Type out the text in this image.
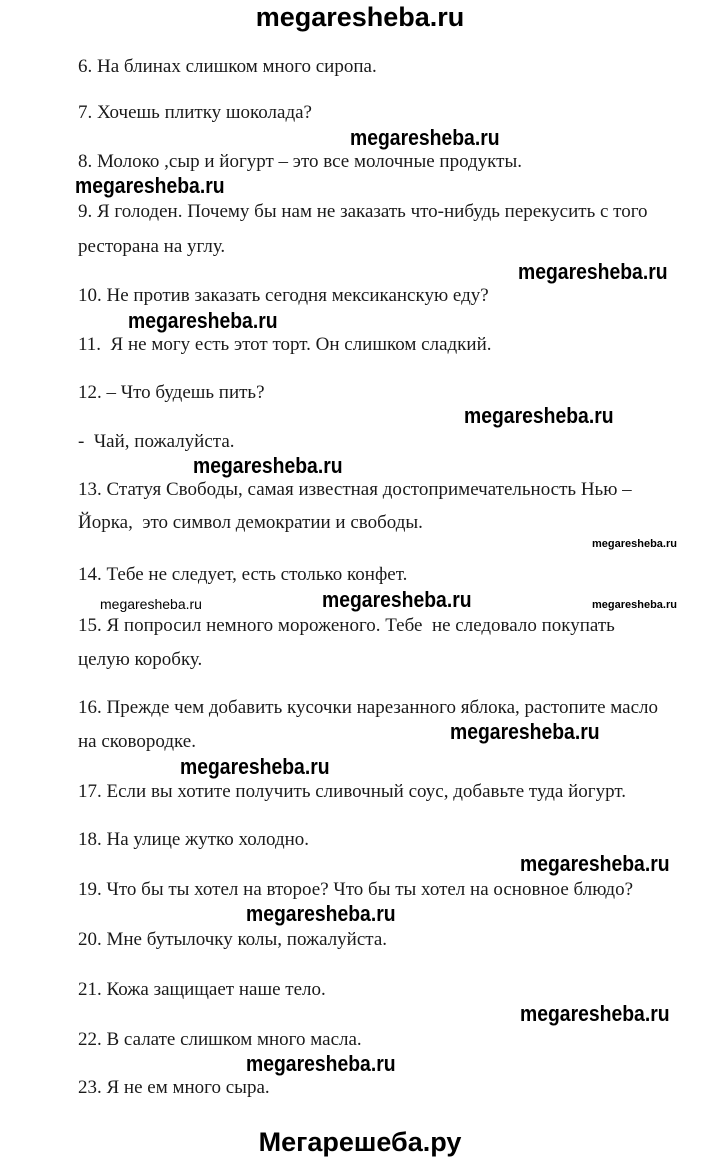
megaresheba.ru
6. На блинах слишком много сиропа.
7. Хочешь плитку шоколада?
8. Молоко ,сыр и йогурт – это все молочные продукты.
9. Я голоден. Почему бы нам не заказать что-нибудь перекусить с того
ресторана на углу.
10. Не против заказать сегодня мексиканскую еду?
11.  Я не могу есть этот торт. Он слишком сладкий.
12. – Что будешь пить?
-  Чай, пожалуйста.
13. Статуя Свободы, самая известная достопримечательность Нью –
Йорка,  это символ демократии и свободы.
14. Тебе не следует, есть столько конфет.
15. Я попросил немного мороженого. Тебе  не следовало покупать
целую коробку.
16. Прежде чем добавить кусочки нарезанного яблока, растопите масло
на сковородке.
17. Если вы хотите получить сливочный соус, добавьте туда йогурт.
18. На улице жутко холодно.
19. Что бы ты хотел на второе? Что бы ты хотел на основное блюдо?
20. Мне бутылочку колы, пожалуйста.
21. Кожа защищает наше тело.
22. В салате слишком много масла.
23. Я не ем много сыра.
megaresheba.ru
megaresheba.ru
megaresheba.ru
megaresheba.ru
megaresheba.ru
megaresheba.ru
megaresheba.ru
megaresheba.ru	megaresheba.ru	megaresheba.ru
megaresheba.ru
megaresheba.ru
megaresheba.ru
megaresheba.ru
megaresheba.ru
megaresheba.ru
Мегарешеба.ру
